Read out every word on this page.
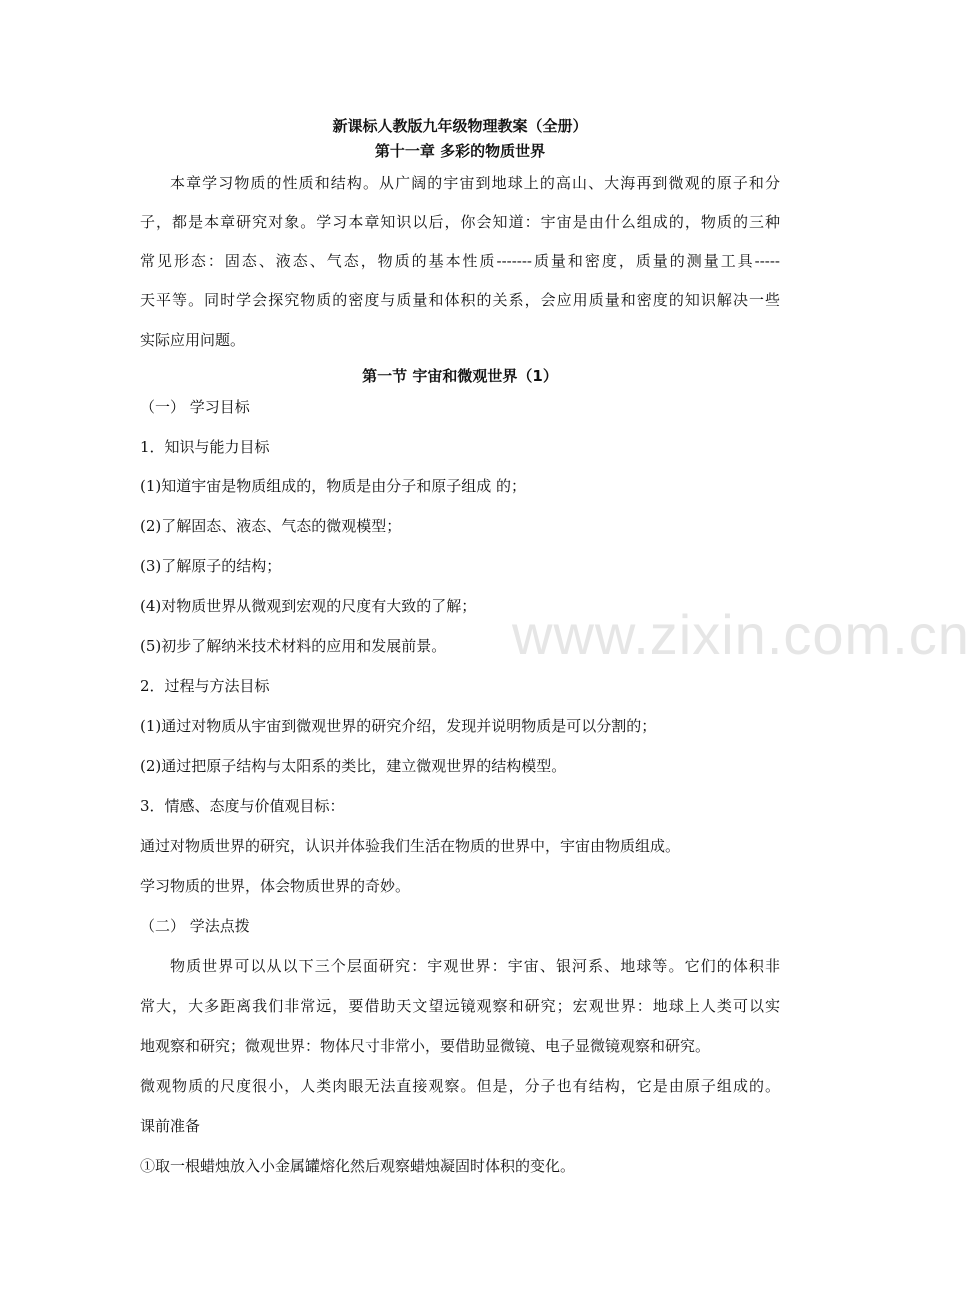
www.zixin.com.cn
新课标人教版九年级物理教案（全册）
第十一章 多彩的物质世界
本章学习物质的性质和结构。从广阔的宇宙到地球上的高山、大海再到微观的原子和分
子，都是本章研究对象。学习本章知识以后，你会知道：宇宙是由什么组成的，物质的三种
常见形态：固态、液态、气态，物质的基本性质-------质量和密度，质量的测量工具-----
天平等。同时学会探究物质的密度与质量和体积的关系，会应用质量和密度的知识解决一些
实际应用问题。
第一节 宇宙和微观世界（1）
（一） 学习目标
1．知识与能力目标
(1)知道宇宙是物质组成的，物质是由分子和原子组成 的；
(2)了解固态、液态、气态的微观模型；
(3)了解原子的结构；
(4)对物质世界从微观到宏观的尺度有大致的了解；
(5)初步了解纳米技术材料的应用和发展前景。
2．过程与方法目标
(1)通过对物质从宇宙到微观世界的研究介绍，发现并说明物质是可以分割的；
(2)通过把原子结构与太阳系的类比，建立微观世界的结构模型。
3．情感、态度与价值观目标：
通过对物质世界的研究，认识并体验我们生活在物质的世界中，宇宙由物质组成。
学习物质的世界，体会物质世界的奇妙。
（二） 学法点拨
物质世界可以从以下三个层面研究：宇观世界：宇宙、银河系、地球等。它们的体积非
常大，大多距离我们非常远，要借助天文望远镜观察和研究；宏观世界：地球上人类可以实
地观察和研究；微观世界：物体尺寸非常小，要借助显微镜、电子显微镜观察和研究。
微观物质的尺度很小，人类肉眼无法直接观察。但是，分子也有结构，它是由原子组成的。
课前准备
①取一根蜡烛放入小金属罐熔化然后观察蜡烛凝固时体积的变化。
